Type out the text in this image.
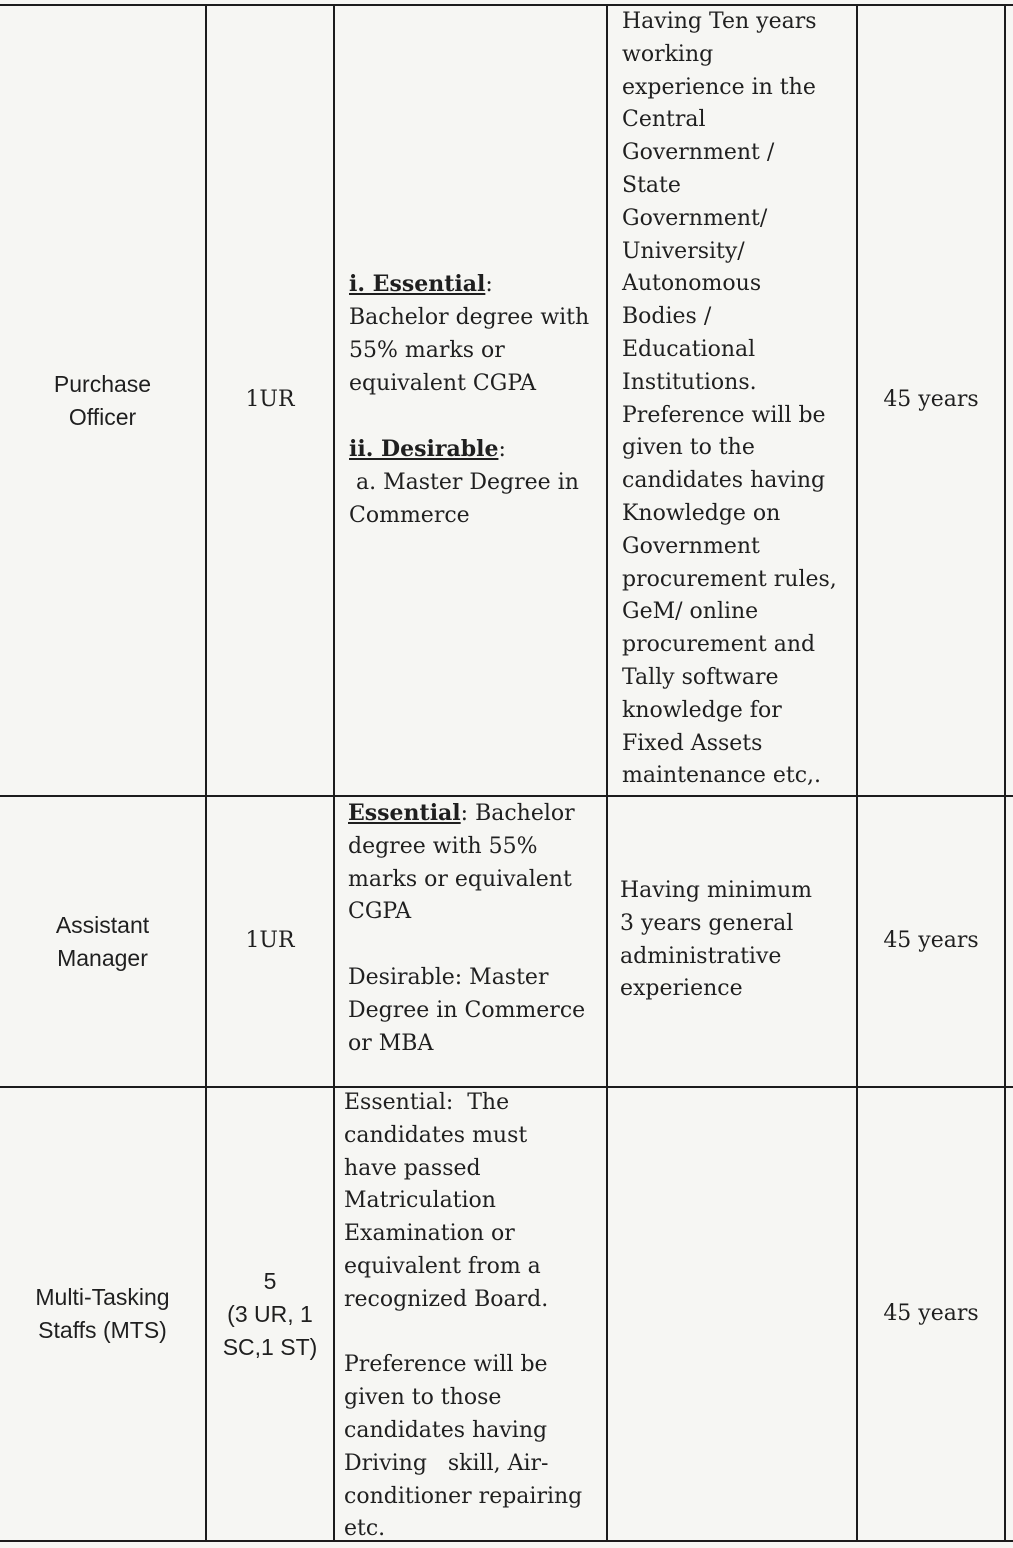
Purchase
Officer
1UR
i. Essential:
Bachelor degree with
55% marks or
equivalent CGPA

ii. Desirable:
a. Master Degree in
Commerce
Having Ten years
working
experience in the
Central
Government /
State
Government/
University/
Autonomous
Bodies /
Educational
Institutions.
Preference will be
given to the
candidates having
Knowledge on
Government
procurement rules,
GeM/ online
procurement and
Tally software
knowledge for
Fixed Assets
maintenance etc,.
45 years
Assistant
Manager
1UR
Essential: Bachelor
degree with 55%
marks or equivalent
CGPA

Desirable: Master
Degree in Commerce
or MBA
Having minimum
3 years general
administrative
experience
45 years
Multi-Tasking
Staffs (MTS)
5
(3 UR, 1
SC,1 ST)
Essential:  The
candidates must
have passed
Matriculation
Examination or
equivalent from a
recognized Board.

Preference will be
given to those
candidates having
Driving   skill, Air-
conditioner repairing
etc.
45 years
